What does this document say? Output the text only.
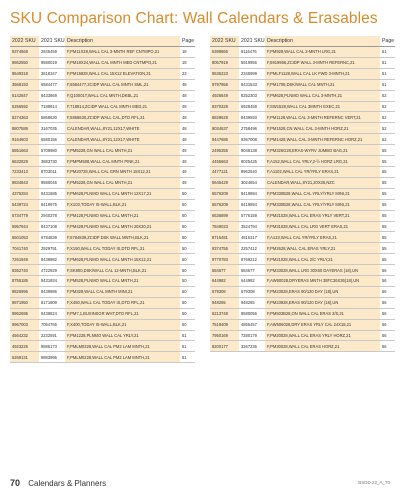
SKU Comparison Chart: Wall Calendars & Erasables
2022 SKU	2021 SKU	Description	Page
9374568	2846459	F,PM11X28,WALL CAL 3-MNTH REF CNTMPO,21	18
9862550	9580019	F,PM18X24,WALL CAL MNTH MED CNTMPO,21	18
9549318	3618347	F,PM15828,WALL CAL 15X12 ELEVATION,21	23
3568193	6584477	F,6584477,2CIDP WALL CAL MNTH SML,21	48
5142847	8433869	F,Q10001T,WALL CAL MNTH,DKBL,21	48
5256592	7189914	F,718914,ZCIDP WALL CAL MNTH MED,21	48
8274363	5868630	F,5868630,ZCIDP WALL CAL,DTD RFL,21	48
8807589	3167035	CALENDAR,WALL,8Y21,12X17,WHITE	48
9164603	6580156	CALENDAR,WALL,8Y21,12X17,WHITE	48
5851663	5709980	F,PM5228,GN WALL CAL MNTH,21	49
6632829	3883730	F,PMPM508,WALL CAL MNTH PINK,21	49
7233413	8703011	F,PM20728,WALL CAL GRN MNTH 15X12,21	49
9834843	9580045	F,PM5228,GN WALL CAL MNTH,21	49
4375284	8431685	F,PM628,PLNMO WALL CAL MNTH 12X17,21	50
5439724	8419975	F,X103,TODAY IS-WALL,BLK,21	50
5734779	2940378	F,PM128,PLNMO WALL CAL MNTH,21	50
5957944	8437108	F,PM428,PLNMO WALL CAL MNTH 20X30,21	50
6501053	6784839	F,6784839,ZCIDP DSK WALL MNTH,BLK,21	50
7041740	2929791	F,X150,WALL CAL TODAY IS,DTD RFL,21	50
7261949	8438982	F,PM628,PLNMO WALL CAL MNTH 15X12,21	50
8352740	4722929	F,SK800,DSK/WALL CAL 12-MNTH,BLK,21	50
8755185	8431934	F,PM528,PLNMO WALL CAL MNTH,21	50
9826996	8439986	F,PM328,WALL CAL MNTH MINI,21	50
9871950	8171809	F,X450,WALL CAL TODAY IS,DTD RFL,21	50
9952695	8439824	F,PM7,1,BUSINSGR WHT,DTD RFL,21	50
9967003	7054765	F,X400,TODAY IS-WALL,BLK,21	50
4564232	2232591	F,PM1228,PLNMO WALL CAL YRLY,21	51
4923225	9885173	F,PMLM0328,WALL CAL PM2 LAM MNTH,21	51
6269131	9883995	F,PMLM0228,WALL CAL PM2 LAM MNTH,21	51
2022 SKU	2021 SKU	Description	Page
6399866	9116476	F,PM928,WALL CAL 2-MNTH LRG,21	51
8057919	5919956	F,5919956,ZCIDP WALL 3-MNTH REFERNC,21	51
9536223	2345999	F,PMLF1128,WALL CAL LK FWD 3-MNTH,21	51
9797958	8431533	F,PM1708,DSK/WALL CAL MNTH,21	51
4926649	8252303	F,PM628,PLNMO WALL CAL 3-MNTH,21	52
8370328	6928458	F,SW1528,WALL CAL 3MNTH EXEC,21	52
8828629	8439593	F,PM1128,WALL CAL 3-MNTH REFERNC VERT,21	52
9034637	2758496	F,PM1528,CN WALL CAL 3-MNTH HORZ,21	52
9447686	9367008	F,PM1428,WALL CAL 3-MNTH REFERNC HORZ,21	52
2495355	9049138	F,PM326G28,ERAS-WYRV JUMBO BAG,21	55
4455663	8025425	F,A152,WALL CAL YRLY,2-½ HORZ LRG,21	55
4477121	8962540	F,A1102,WALL CAL YR/YRLY ERAS,21	55
5645429	3024654	CALENDAR,WALL,8Y21,20X36,NZC	55
6576209	8419894	F,PM330B28,WALL CAL YRLY/YRLY MINI,21	55
6576209	8419894	F,PM330B28,WALL CAL YRLY/YRLY MINI,21	55
6636899	5776159	F,PM21028,WALL CAL ERAS YRLY VERT,21	55
7849023	3524794	F,PM31028,WALL CAL LRG VERT ERAS,21	55
8715481	4816317	F,A123,WALL CAL YR/YRLY ERAS,21	55
9374755	2257412	F,PM2628,WALL CAL ERAS YRLY,21	55
9770783	8769212	F,PM21028,WALL CAL 2/C YRLY,21	55
584677	584677	F,PM33028,WALL LRG 30X60 DAYERAS (18),UN	56
644982	644982	F,AW60028,DRYERAS MNTH 38FC36X36(18),UN	56
679308	679308	F,PM23028,ERAS 90/120 DAY (18),UN	56
948265	948265	F,PM23928,ERAS 90/120 DAY (18),UN	56
6213748	9580056	F,PM503B28,ON WALL CAL ERAS 2/S,21	56
7519409	4856457	F,AW506028,DRY ERAS YRLY CAL 24X18,21	56
7950169	7280179	F,PM20028,WALL CAL ERAS YRLY HORZ,21	56
8200177	3267236	F,PM30028,WALL CAL ERAS HORZ,21	56
70 Calendars & Planners	BSDD.22_A_70
